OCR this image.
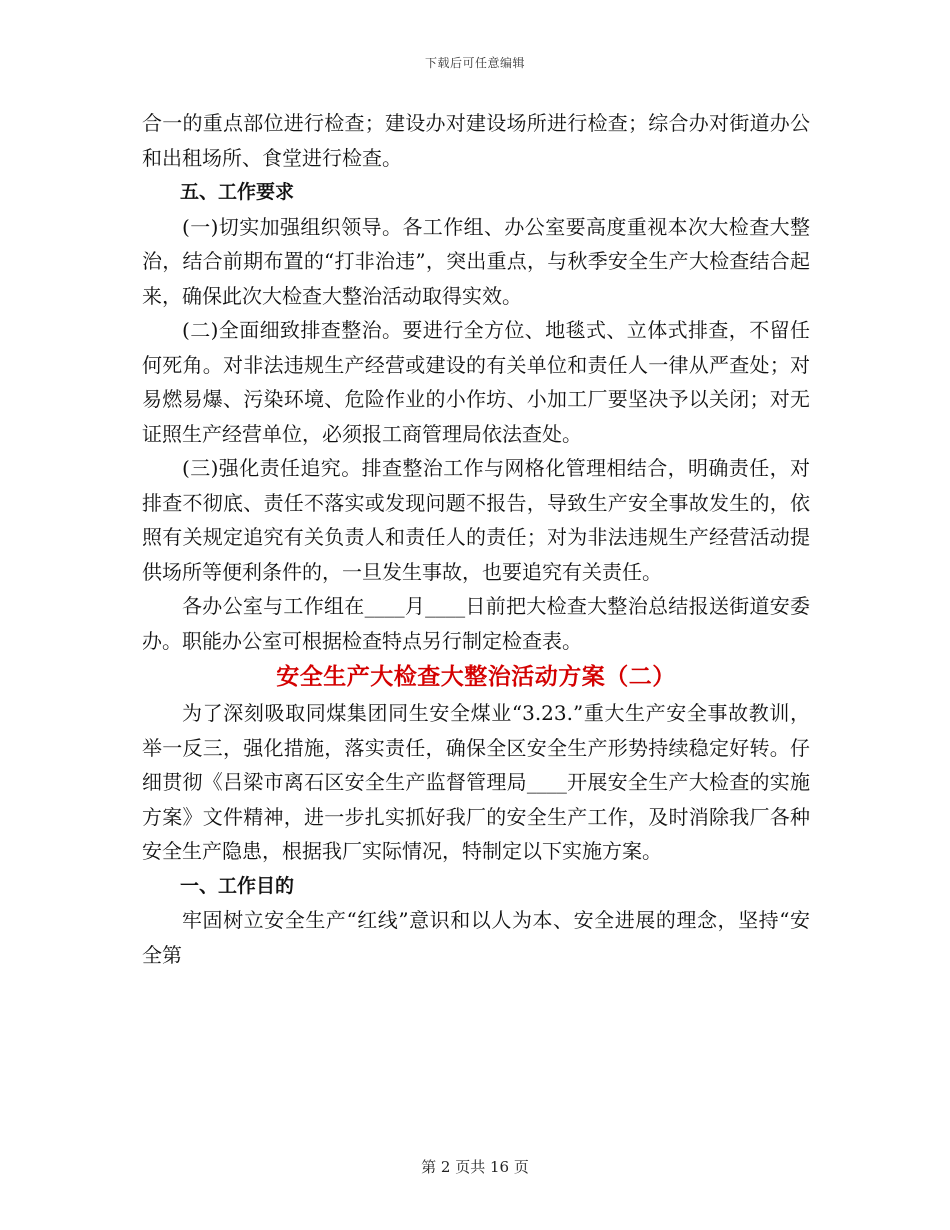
下载后可任意编辑

合一的重点部位进行检查；建设办对建设场所进行检查；综合办对街道办公和出租场所、食堂进行检查。

五、工作要求

(一)切实加强组织领导。各工作组、办公室要高度重视本次大检查大整治，结合前期布置的“打非治违”，突出重点，与秋季安全生产大检查结合起来，确保此次大检查大整治活动取得实效。

(二)全面细致排查整治。要进行全方位、地毯式、立体式排查，不留任何死角。对非法违规生产经营或建设的有关单位和责任人一律从严查处；对易燃易爆、污染环境、危险作业的小作坊、小加工厂要坚决予以关闭；对无证照生产经营单位，必须报工商管理局依法查处。

(三)强化责任追究。排查整治工作与网格化管理相结合，明确责任，对排查不彻底、责任不落实或发现问题不报告，导致生产安全事故发生的，依照有关规定追究有关负责人和责任人的责任；对为非法违规生产经营活动提供场所等便利条件的，一旦发生事故，也要追究有关责任。

各办公室与工作组在____月____日前把大检查大整治总结报送街道安委办。职能办公室可根据检查特点另行制定检查表。

安全生产大检查大整治活动方案（二）

为了深刻吸取同煤集团同生安全煤业“3.23.”重大生产安全事故教训，举一反三，强化措施，落实责任，确保全区安全生产形势持续稳定好转。仔细贯彻《吕梁市离石区安全生产监督管理局____开展安全生产大检查的实施方案》文件精神，进一步扎实抓好我厂的安全生产工作，及时消除我厂各种安全生产隐患，根据我厂实际情况，特制定以下实施方案。

一、工作目的

牢固树立安全生产“红线”意识和以人为本、安全进展的理念，坚持“安全第

第 2 页共 16 页
